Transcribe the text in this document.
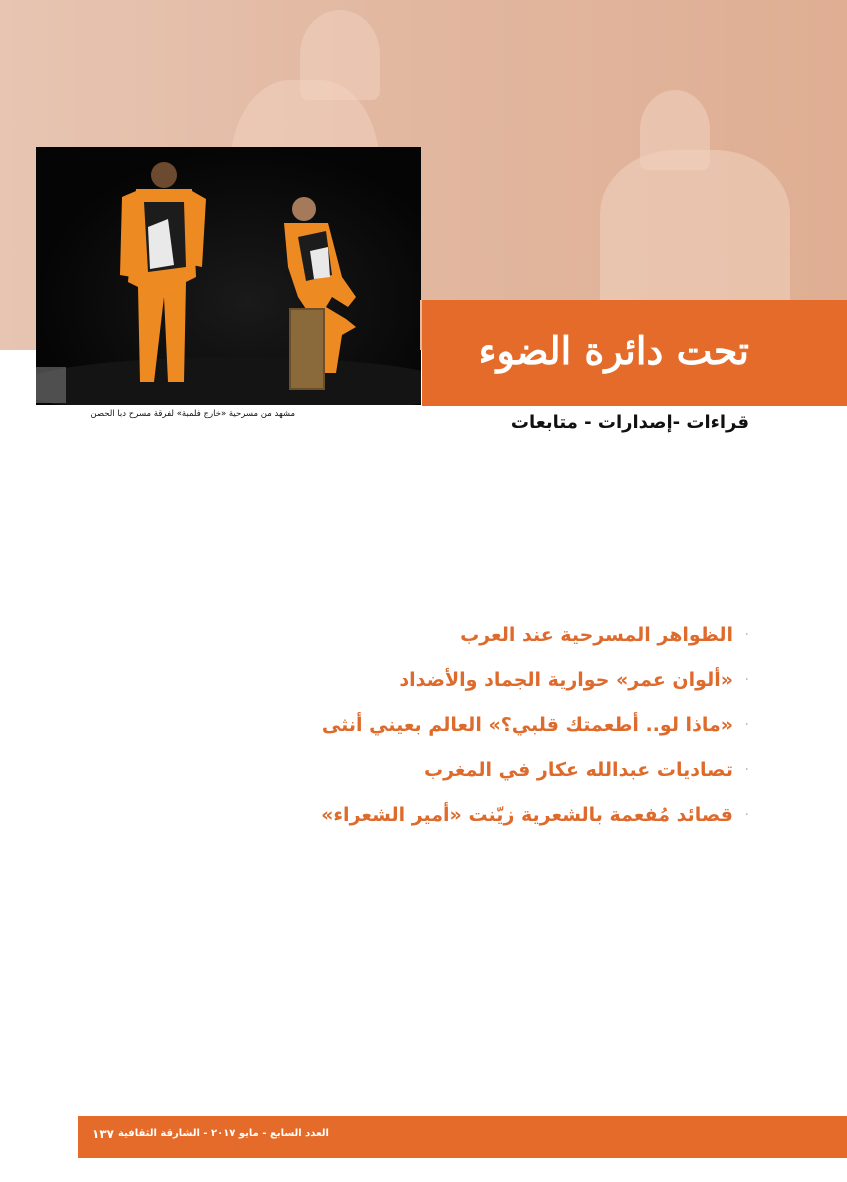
مشهد من مسرحية «خارج فلمبة» لفرقة مسرح دبا الحصن
تحت دائرة الضوء
قراءات -إصدارات - متابعات
·
الظواهر المسرحية عند العرب
·
«ألوان عمر» حوارية الجماد والأضداد
·
«ماذا لو.. أطعمتك قلبي؟» العالم بعيني أنثى
·
تصاديات عبدالله عكار في المغرب
·
قصائد مُفعمة بالشعرية زيّنت «أمير الشعراء»
١٣٧ العدد السابع - مايو ٢٠١٧ - الشارقة الثقافية
